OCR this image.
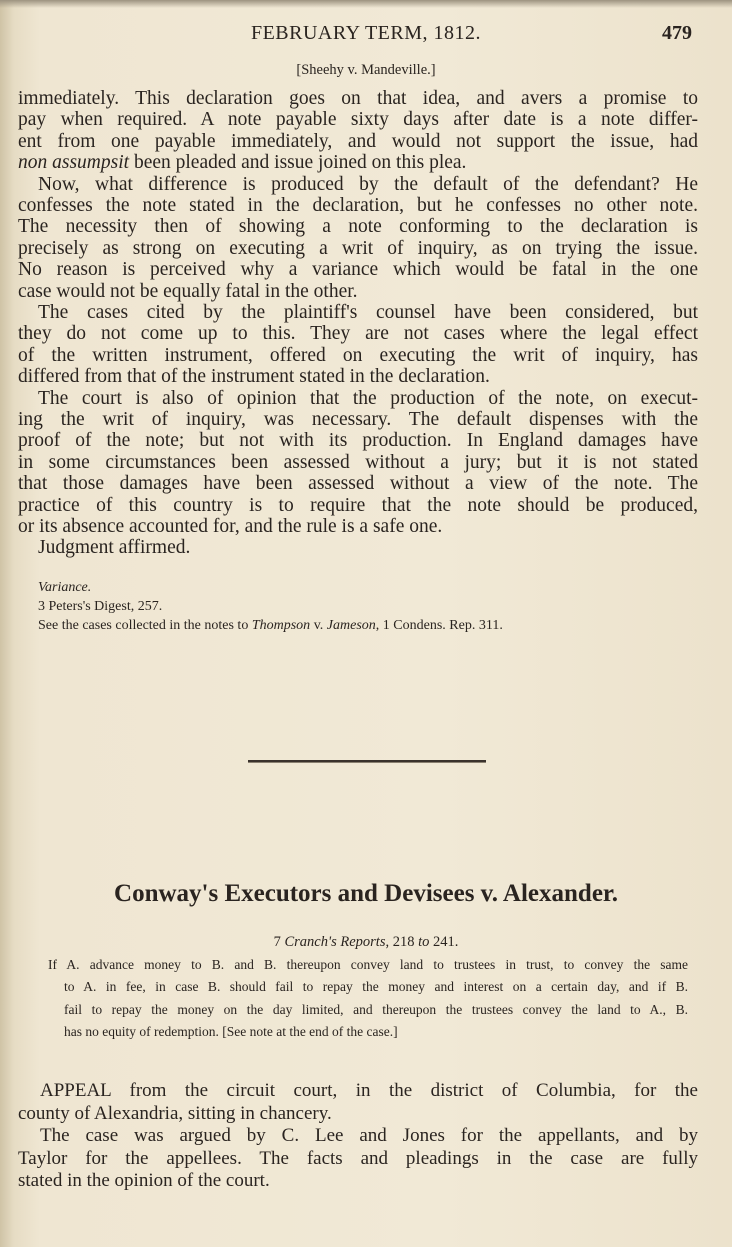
FEBRUARY TERM, 1812.	479
[Sheehy v. Mandeville.]
immediately. This declaration goes on that idea, and avers a promise to
pay when required. A note payable sixty days after date is a note differ-
ent from one payable immediately, and would not support the issue, had
non assumpsit been pleaded and issue joined on this plea.
Now, what difference is produced by the default of the defendant? He
confesses the note stated in the declaration, but he confesses no other note.
The necessity then of showing a note conforming to the declaration is
precisely as strong on executing a writ of inquiry, as on trying the issue.
No reason is perceived why a variance which would be fatal in the one
case would not be equally fatal in the other.
The cases cited by the plaintiff's counsel have been considered, but
they do not come up to this. They are not cases where the legal effect
of the written instrument, offered on executing the writ of inquiry, has
differed from that of the instrument stated in the declaration.
The court is also of opinion that the production of the note, on execut-
ing the writ of inquiry, was necessary. The default dispenses with the
proof of the note; but not with its production. In England damages have
in some circumstances been assessed without a jury; but it is not stated
that those damages have been assessed without a view of the note. The
practice of this country is to require that the note should be produced,
or its absence accounted for, and the rule is a safe one.
Judgment affirmed.
Variance.
3 Peters's Digest, 257.
See the cases collected in the notes to Thompson v. Jameson, 1 Condens. Rep. 311.
Conway's Executors and Devisees v. Alexander.
7 Cranch's Reports, 218 to 241.
If A. advance money to B. and B. thereupon convey land to trustees in trust, to convey the same
to A. in fee, in case B. should fail to repay the money and interest on a certain day, and if B.
fail to repay the money on the day limited, and thereupon the trustees convey the land to A., B.
has no equity of redemption. [See note at the end of the case.]
APPEAL from the circuit court, in the district of Columbia, for the
county of Alexandria, sitting in chancery.
The case was argued by C. Lee and Jones for the appellants, and by
Taylor for the appellees. The facts and pleadings in the case are fully
stated in the opinion of the court.
